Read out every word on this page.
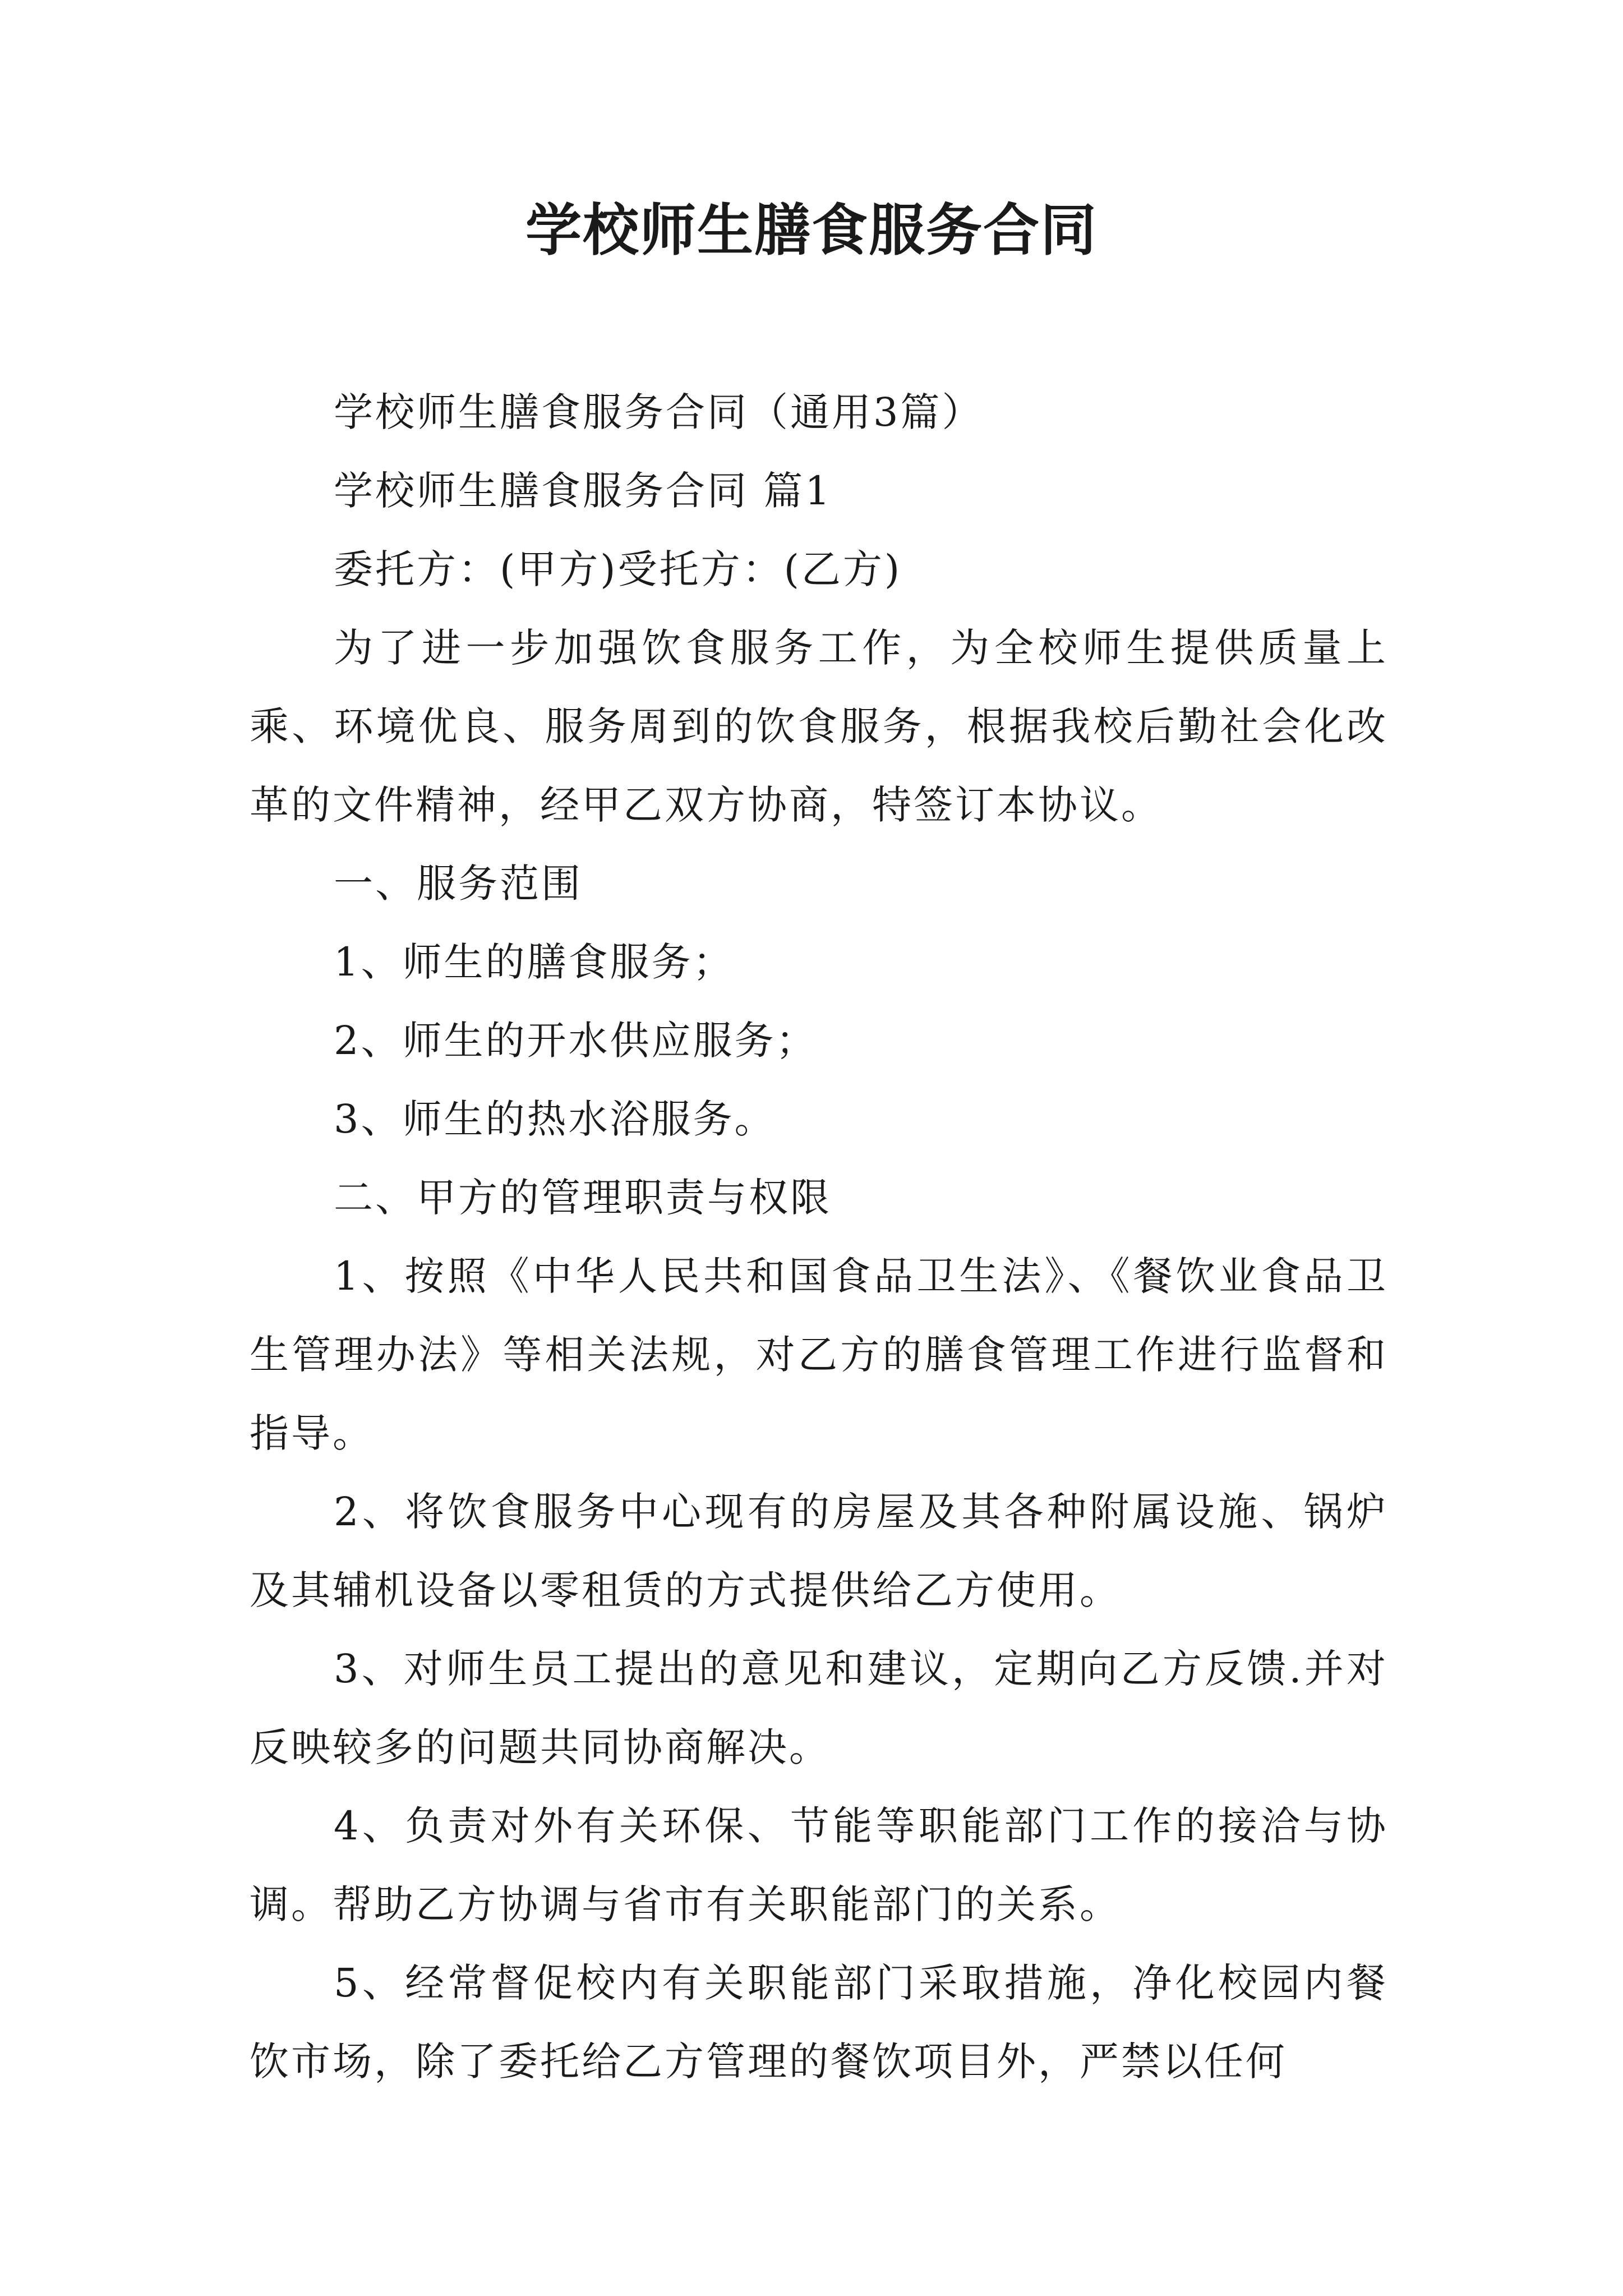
学校师生膳食服务合同

学校师生膳食服务合同（通用3篇）

学校师生膳食服务合同 篇1

委托方：(甲方)受托方：(乙方)

为了进一步加强饮食服务工作，为全校师生提供质量上乘、环境优良、服务周到的饮食服务，根据我校后勤社会化改革的文件精神，经甲乙双方协商，特签订本协议。

一、服务范围

1、师生的膳食服务；

2、师生的开水供应服务；

3、师生的热水浴服务。

二、甲方的管理职责与权限

1、按照《中华人民共和国食品卫生法》、《餐饮业食品卫生管理办法》等相关法规，对乙方的膳食管理工作进行监督和指导。

2、将饮食服务中心现有的房屋及其各种附属设施、锅炉及其辅机设备以零租赁的方式提供给乙方使用。

3、对师生员工提出的意见和建议，定期向乙方反馈.并对反映较多的问题共同协商解决。

4、负责对外有关环保、节能等职能部门工作的接洽与协调。帮助乙方协调与省市有关职能部门的关系。

5、经常督促校内有关职能部门采取措施，净化校园内餐饮市场，除了委托给乙方管理的餐饮项目外，严禁以任何
